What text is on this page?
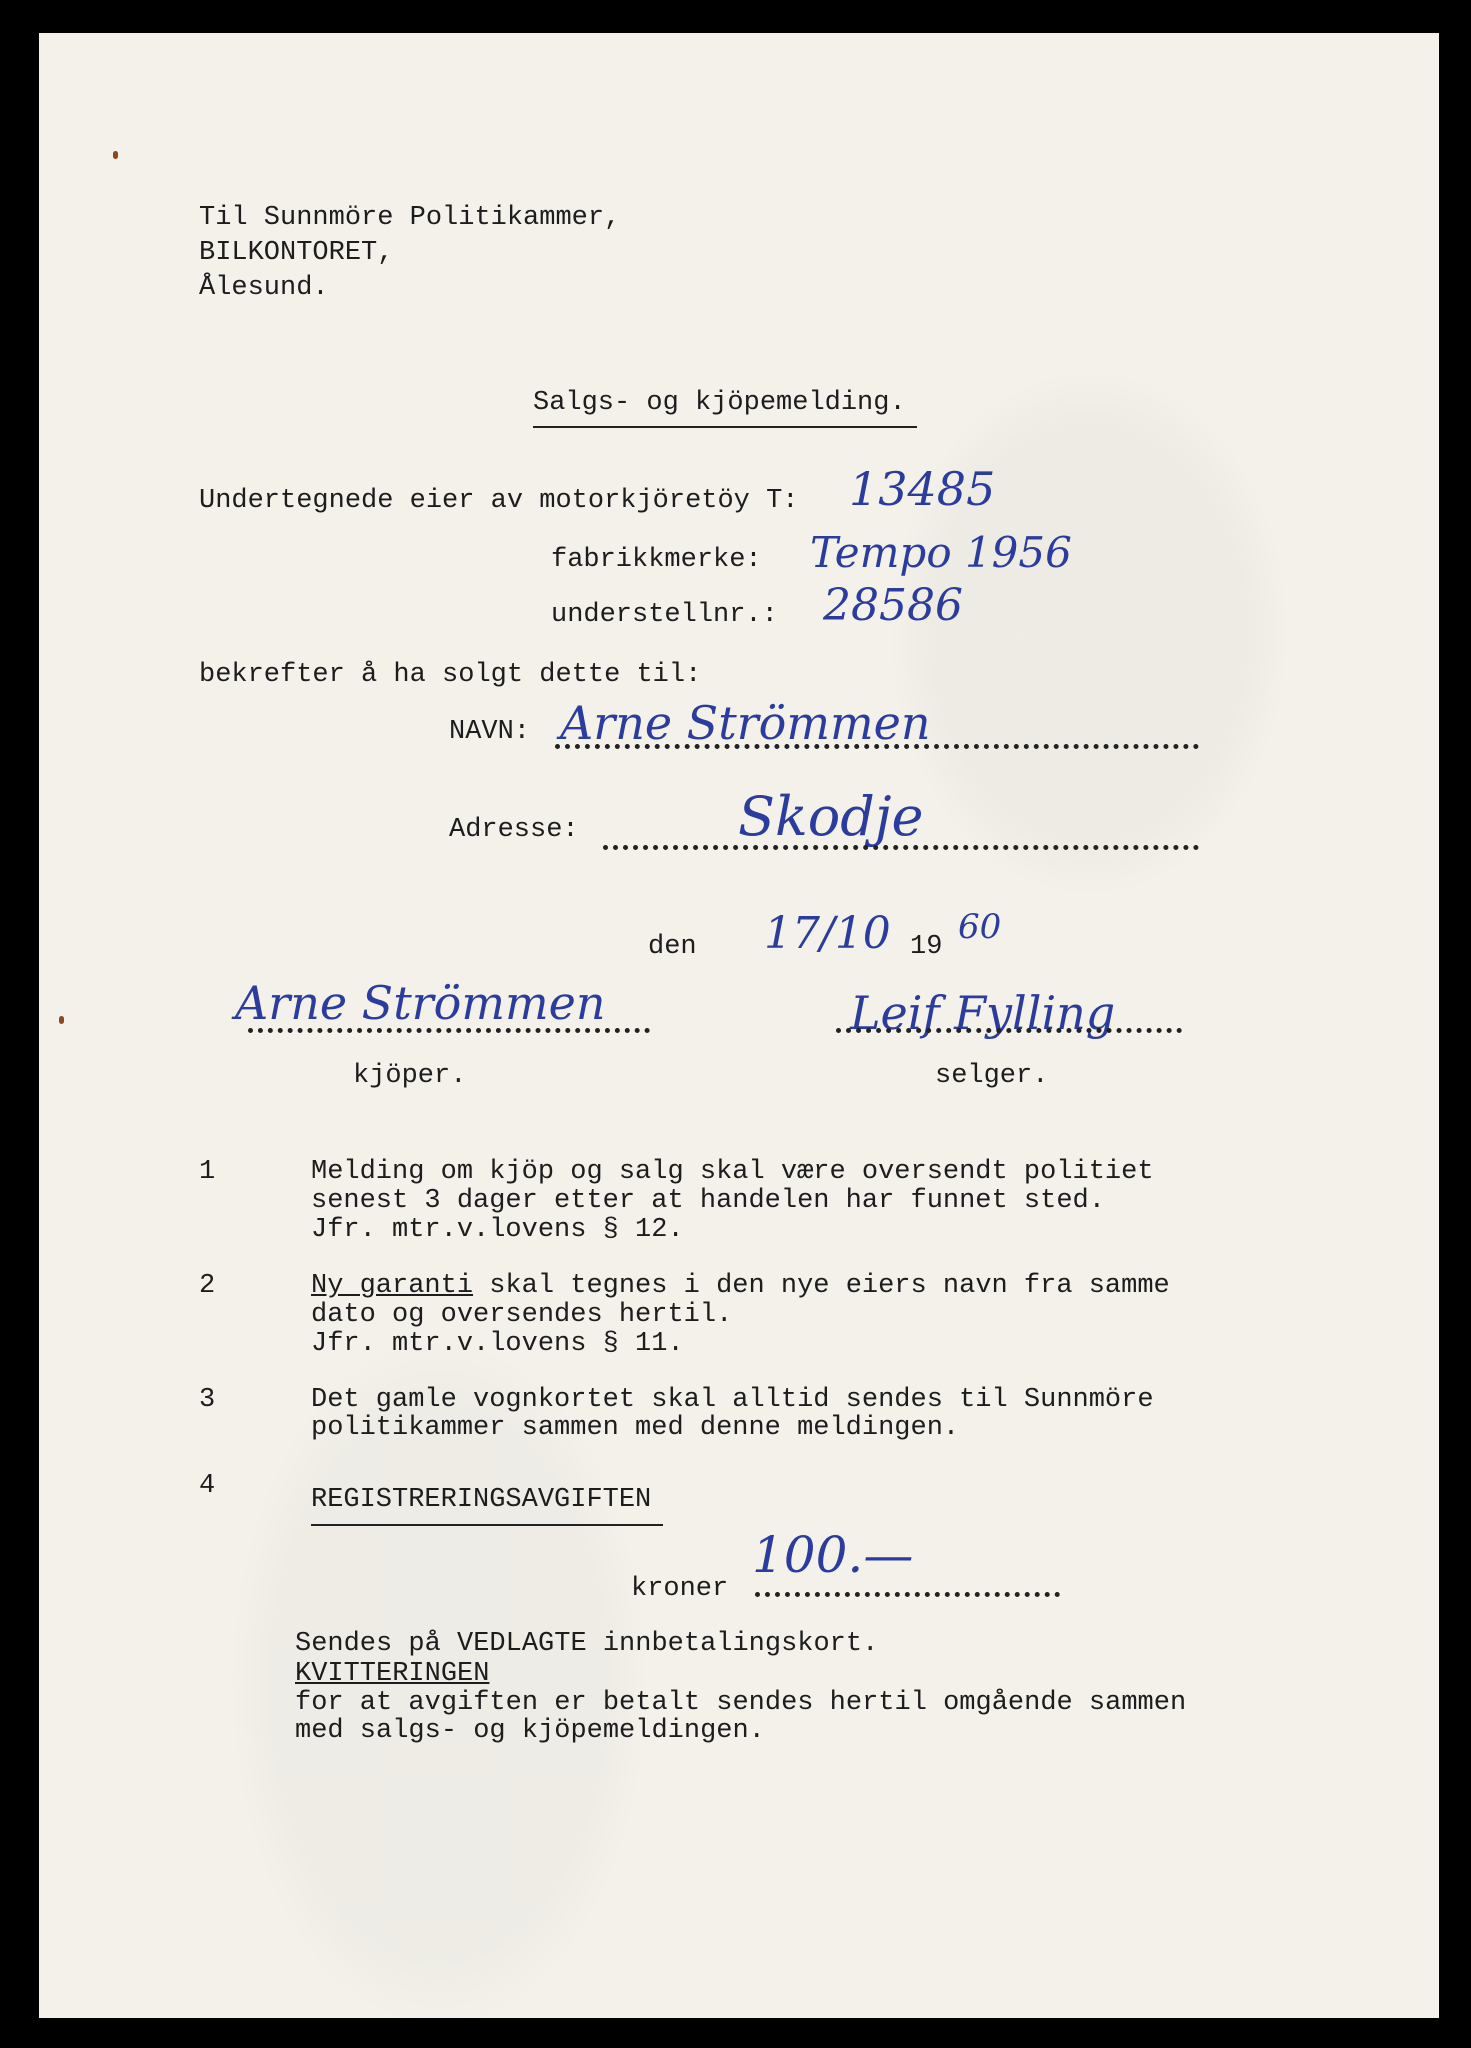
Til Sunnmöre Politikammer,
BILKONTORET,
Ålesund.
Salgs- og kjöpemelding.
Undertegnede eier av motorkjöretöy T: 13485
fabrikkmerke: Tempo 1956
understellnr.: 28586
bekrefter å ha solgt dette til:
NAVN: Arne Strömmen
Adresse:	Skodje
den 17/10 19 60
Arne Strömmen	Leif Fylling
kjöper.	selger.
1	Melding om kjöp og salg skal være oversendt politiet
senest 3 dager etter at handelen har funnet sted.
Jfr. mtr.v.lovens § 12.
2	Ny garanti skal tegnes i den nye eiers navn fra samme
dato og oversendes hertil.
Jfr. mtr.v.lovens § 11.
3	Det gamle vognkortet skal alltid sendes til Sunnmöre
politikammer sammen med denne meldingen.
4	REGISTRERINGSAVGIFTEN
kroner
100.—
Sendes på VEDLAGTE innbetalingskort.
KVITTERINGEN
for at avgiften er betalt sendes hertil omgående sammen
med salgs- og kjöpemeldingen.
